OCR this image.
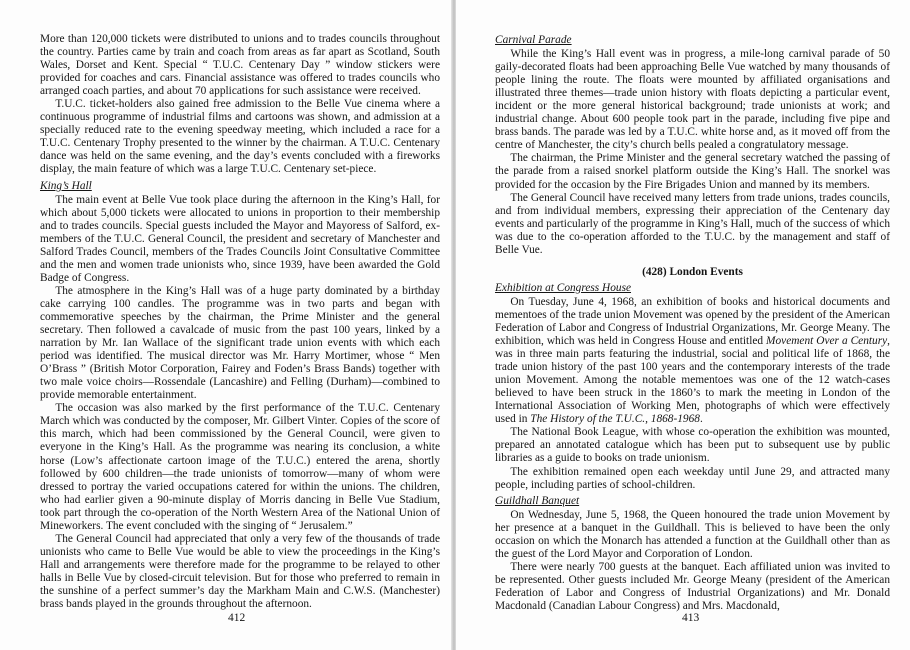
More than 120,000 tickets were distributed to unions and to trades councils throughout the country. Parties came by train and coach from areas as far apart as Scotland, South Wales, Dorset and Kent. Special “ T.U.C. Centenary Day ” window stickers were provided for coaches and cars. Financial assistance was offered to trades councils who arranged coach parties, and about 70 applications for such assistance were received.

T.U.C. ticket-holders also gained free admission to the Belle Vue cinema where a continuous programme of industrial films and cartoons was shown, and admission at a specially reduced rate to the evening speedway meeting, which included a race for a T.U.C. Centenary Trophy presented to the winner by the chairman. A T.U.C. Centenary dance was held on the same evening, and the day’s events concluded with a fireworks display, the main feature of which was a large T.U.C. Centenary set-piece.

King’s Hall

The main event at Belle Vue took place during the afternoon in the King’s Hall, for which about 5,000 tickets were allocated to unions in proportion to their membership and to trades councils. Special guests included the Mayor and Mayoress of Salford, ex-members of the T.U.C. General Council, the president and secretary of Manchester and Salford Trades Council, members of the Trades Councils Joint Consultative Committee and the men and women trade unionists who, since 1939, have been awarded the Gold Badge of Congress.

The atmosphere in the King’s Hall was of a huge party dominated by a birthday cake carrying 100 candles. The programme was in two parts and began with commemorative speeches by the chairman, the Prime Minister and the general secretary. Then followed a cavalcade of music from the past 100 years, linked by a narration by Mr. Ian Wallace of the significant trade union events with which each period was identified. The musical director was Mr. Harry Mortimer, whose “ Men O’Brass ” (British Motor Corporation, Fairey and Foden’s Brass Bands) together with two male voice choirs—Rossendale (Lancashire) and Felling (Durham)—combined to provide memorable entertainment.

The occasion was also marked by the first performance of the T.U.C. Centenary March which was conducted by the composer, Mr. Gilbert Vinter. Copies of the score of this march, which had been commissioned by the General Council, were given to everyone in the King’s Hall. As the programme was nearing its conclusion, a white horse (Low’s affectionate cartoon image of the T.U.C.) entered the arena, shortly followed by 600 children—the trade unionists of tomorrow—many of whom were dressed to portray the varied occupations catered for within the unions. The children, who had earlier given a 90-minute display of Morris dancing in Belle Vue Stadium, took part through the co-operation of the North Western Area of the National Union of Mineworkers. The event concluded with the singing of “ Jerusalem.”

The General Council had appreciated that only a very few of the thousands of trade unionists who came to Belle Vue would be able to view the proceedings in the King’s Hall and arrangements were therefore made for the programme to be relayed to other halls in Belle Vue by closed-circuit television. But for those who preferred to remain in the sunshine of a perfect summer’s day the Markham Main and C.W.S. (Manchester) brass bands played in the grounds throughout the afternoon.

412
Carnival Parade

While the King’s Hall event was in progress, a mile-long carnival parade of 50 gaily-decorated floats had been approaching Belle Vue watched by many thousands of people lining the route. The floats were mounted by affiliated organisations and illustrated three themes—trade union history with floats depicting a particular event, incident or the more general historical background; trade unionists at work; and industrial change. About 600 people took part in the parade, including five pipe and brass bands. The parade was led by a T.U.C. white horse and, as it moved off from the centre of Manchester, the city’s church bells pealed a congratulatory message.

The chairman, the Prime Minister and the general secretary watched the passing of the parade from a raised snorkel platform outside the King’s Hall. The snorkel was provided for the occasion by the Fire Brigades Union and manned by its members.

The General Council have received many letters from trade unions, trades councils, and from individual members, expressing their appreciation of the Centenary day events and particularly of the programme in King’s Hall, much of the success of which was due to the co-operation afforded to the T.U.C. by the management and staff of Belle Vue.

(428) London Events
Exhibition at Congress House

On Tuesday, June 4, 1968, an exhibition of books and historical documents and mementoes of the trade union Movement was opened by the president of the American Federation of Labor and Congress of Industrial Organizations, Mr. George Meany. The exhibition, which was held in Congress House and entitled Movement Over a Century, was in three main parts featuring the industrial, social and political life of 1868, the trade union history of the past 100 years and the contemporary interests of the trade union Movement. Among the notable mementoes was one of the 12 watch-cases believed to have been struck in the 1860’s to mark the meeting in London of the International Association of Working Men, photographs of which were effectively used in The History of the T.U.C., 1868-1968.

The National Book League, with whose co-operation the exhibition was mounted, prepared an annotated catalogue which has been put to subsequent use by public libraries as a guide to books on trade unionism.

The exhibition remained open each weekday until June 29, and attracted many people, including parties of school-children.

Guildhall Banquet

On Wednesday, June 5, 1968, the Queen honoured the trade union Movement by her presence at a banquet in the Guildhall. This is believed to have been the only occasion on which the Monarch has attended a function at the Guildhall other than as the guest of the Lord Mayor and Corporation of London.

There were nearly 700 guests at the banquet. Each affiliated union was invited to be represented. Other guests included Mr. George Meany (president of the American Federation of Labor and Congress of Industrial Organizations) and Mr. Donald Macdonald (Canadian Labour Congress) and Mrs. Macdonald,

413
